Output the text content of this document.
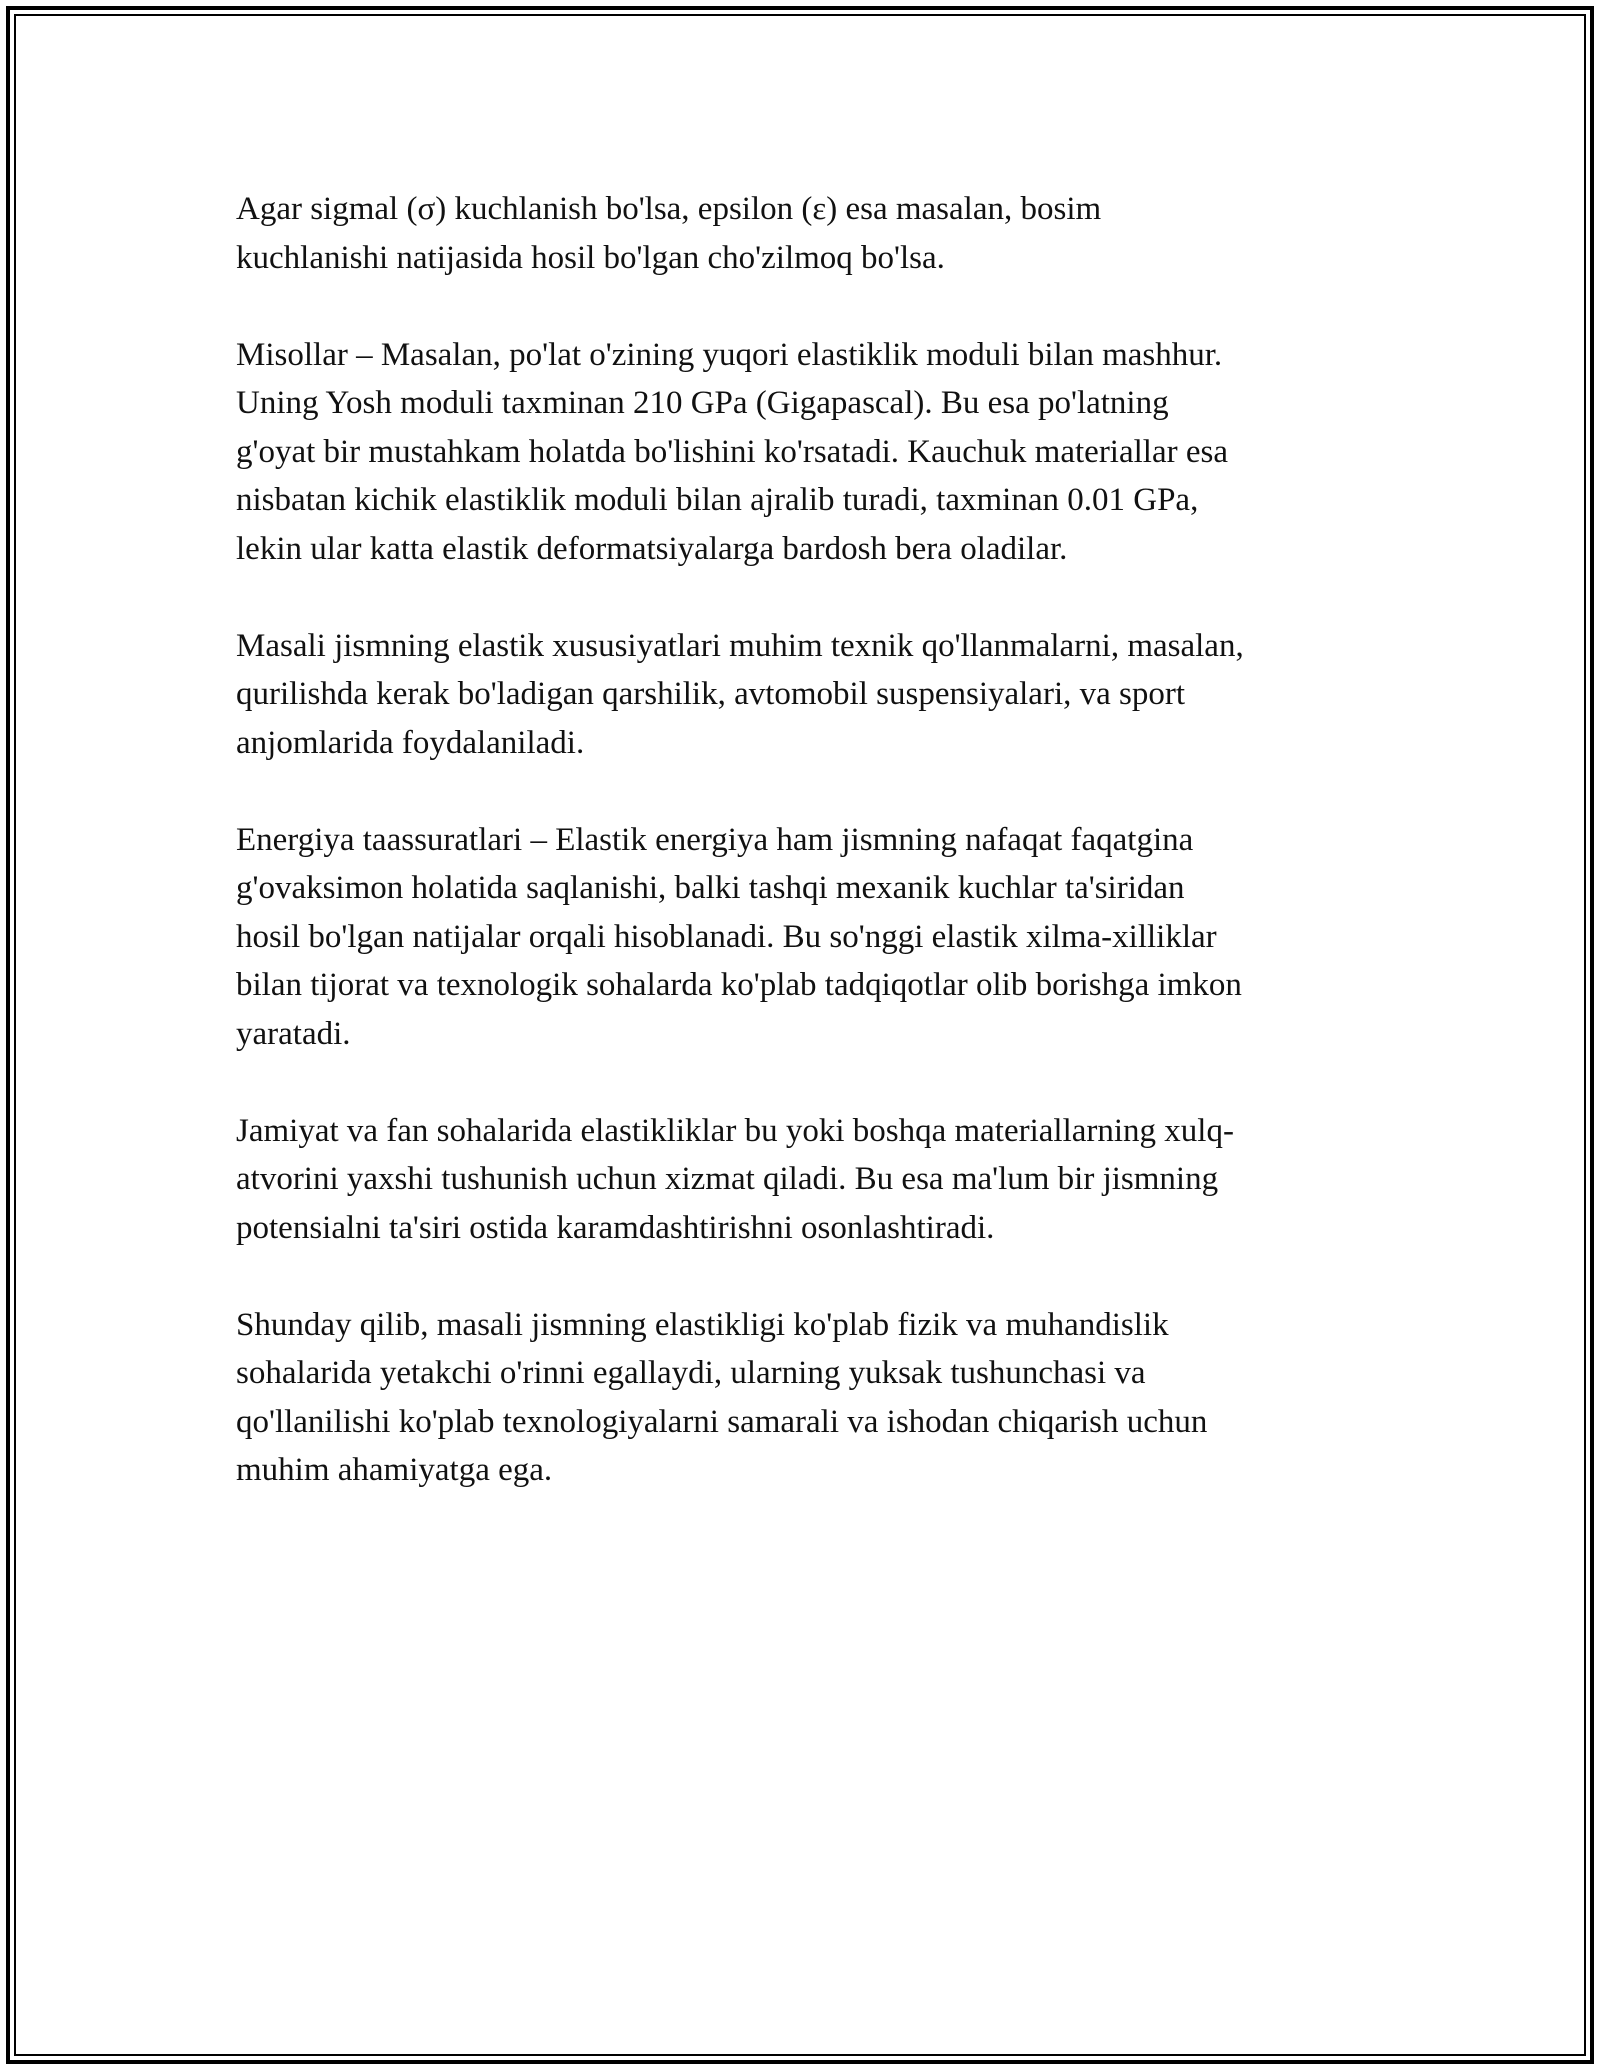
Agar sigmal (σ) kuchlanish bo'lsa, epsilon (ε) esa masalan, bosim
kuchlanishi natijasida hosil bo'lgan cho'zilmoq bo'lsa.

Misollar – Masalan, po'lat o'zining yuqori elastiklik moduli bilan mashhur.
Uning Yosh moduli taxminan 210 GPa (Gigapascal). Bu esa po'latning
g'oyat bir mustahkam holatda bo'lishini ko'rsatadi. Kauchuk materiallar esa
nisbatan kichik elastiklik moduli bilan ajralib turadi, taxminan 0.01 GPa,
lekin ular katta elastik deformatsiyalarga bardosh bera oladilar.

Masali jismning elastik xususiyatlari muhim texnik qo'llanmalarni, masalan,
qurilishda kerak bo'ladigan qarshilik, avtomobil suspensiyalari, va sport
anjomlarida foydalaniladi.

Energiya taassuratlari – Elastik energiya ham jismning nafaqat faqatgina
g'ovaksimon holatida saqlanishi, balki tashqi mexanik kuchlar ta'siridan
hosil bo'lgan natijalar orqali hisoblanadi. Bu so'nggi elastik xilma-xilliklar
bilan tijorat va texnologik sohalarda ko'plab tadqiqotlar olib borishga imkon
yaratadi.

Jamiyat va fan sohalarida elastikliklar bu yoki boshqa materiallarning xulq-
atvorini yaxshi tushunish uchun xizmat qiladi. Bu esa ma'lum bir jismning
potensialni ta'siri ostida karamdashtirishni osonlashtiradi.

Shunday qilib, masali jismning elastikligi ko'plab fizik va muhandislik
sohalarida yetakchi o'rinni egallaydi, ularning yuksak tushunchasi va
qo'llanilishi ko'plab texnologiyalarni samarali va ishodan chiqarish uchun
muhim ahamiyatga ega.
